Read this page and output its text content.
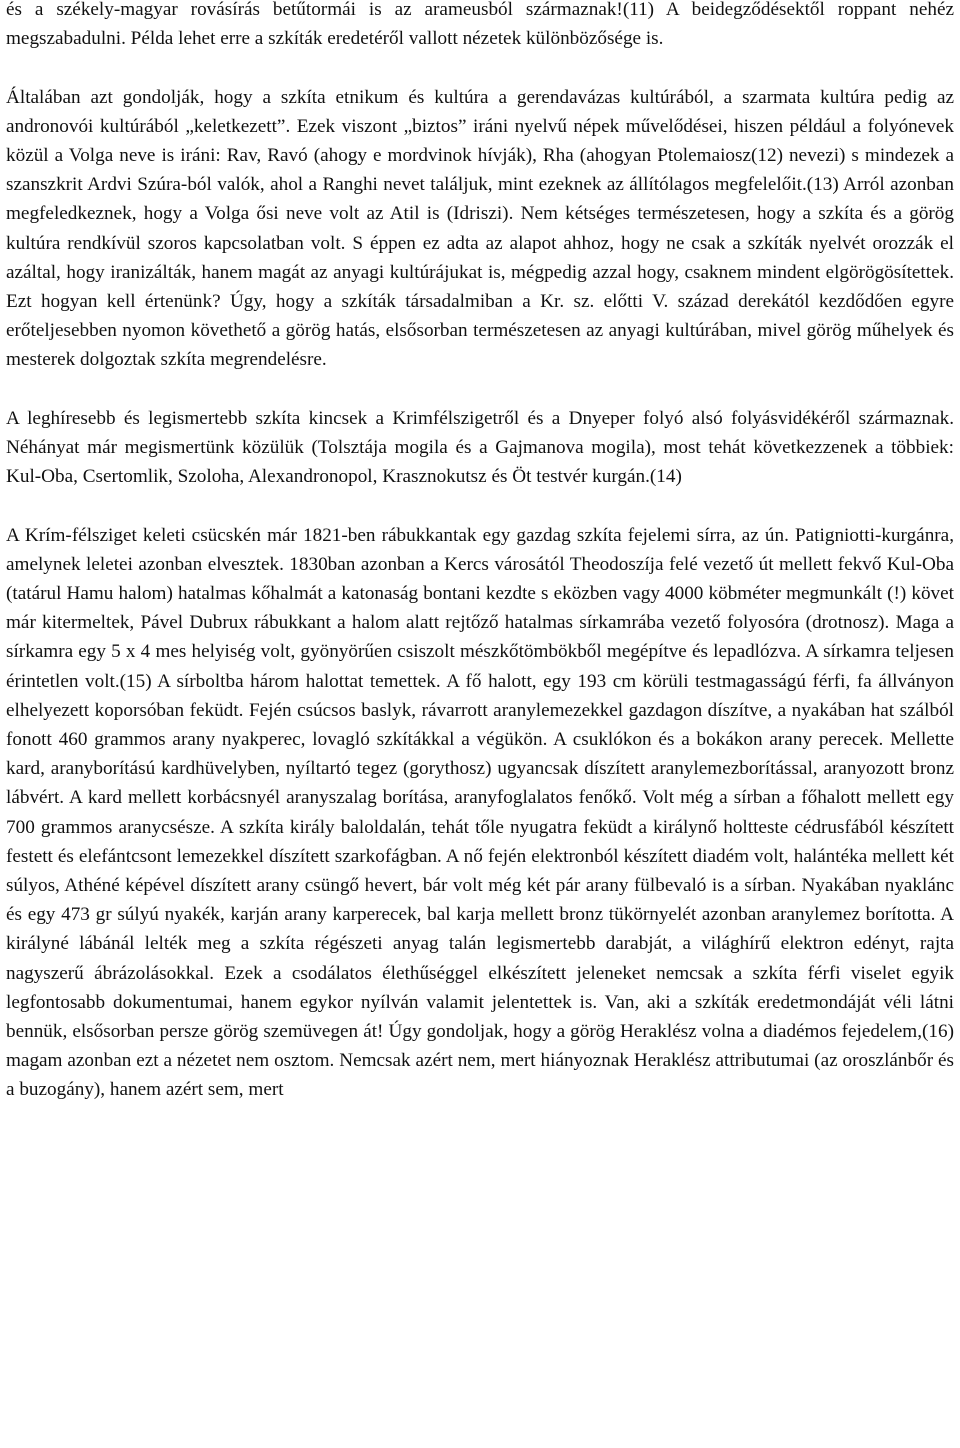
és a székely-magyar rovásírás betűtormái is az arameusból származnak!(11) A beidegződésektől roppant nehéz megszabadulni. Példa lehet erre a szkíták eredetéről vallott nézetek különbözősége is.

Általában azt gondolják, hogy a szkíta etnikum és kultúra a gerendavázas kultúrából, a szarmata kultúra pedig az andronovói kultúrából „keletkezett”. Ezek viszont „biztos” iráni nyelvű népek művelődései, hiszen például a folyónevek közül a Volga neve is iráni: Rav, Ravó (ahogy e mordvinok hívják), Rha (ahogyan Ptolemaiosz(12) nevezi) s mindezek a szanszkrit Ardvi Szúra-ból valók, ahol a Ranghi nevet találjuk, mint ezeknek az állítólagos megfelelőit.(13) Arról azonban megfeledkeznek, hogy a Volga ősi neve volt az Atil is (Idriszi). Nem kétséges természetesen, hogy a szkíta és a görög kultúra rendkívül szoros kapcsolatban volt. S éppen ez adta az alapot ahhoz, hogy ne csak a szkíták nyelvét orozzák el azáltal, hogy iranizálták, hanem magát az anyagi kultúrájukat is, mégpedig azzal hogy, csaknem mindent elgörögösítettek. Ezt hogyan kell értenünk? Úgy, hogy a szkíták társadalmiban a Kr. sz. előtti V. század derekától kezdődően egyre erőteljesebben nyomon követhető a görög hatás, elsősorban természetesen az anyagi kultúrában, mivel görög műhelyek és mesterek dolgoztak szkíta megrendelésre.

A leghíresebb és legismertebb szkíta kincsek a Krimfélszigetről és a Dnyeper folyó alsó folyásvidékéről származnak. Néhányat már megismertünk közülük (Tolsztája mogila és a Gajmanova mogila), most tehát következzenek a többiek: Kul-Oba, Csertomlik, Szoloha, Alexandronopol, Krasznokutsz és Öt testvér kurgán.(14)

A Krím-félsziget keleti csücskén már 1821-ben rábukkantak egy gazdag szkíta fejelemi sírra, az ún. Patigniotti-kurgánra, amelynek leletei azonban elvesztek. 1830ban azonban a Kercs városától Theodoszíja felé vezető út mellett fekvő Kul-Oba (tatárul Hamu halom) hatalmas kőhalmát a katonaság bontani kezdte s eközben vagy 4000 köbméter megmunkált (!) követ már kitermeltek, Pável Dubrux rábukkant a halom alatt rejtőző hatalmas sírkamrába vezető folyosóra (drotnosz). Maga a sírkamra egy 5 x 4 mes helyiség volt, gyönyörűen csiszolt mészkőtömbökből megépítve és lepadlózva. A sírkamra teljesen érintetlen volt.(15) A sírboltba három halottat temettek. A fő halott, egy 193 cm körüli testmagasságú férfi, fa állványon elhelyezett koporsóban feküdt. Fején csúcsos baslyk, rávarrott aranylemezekkel gazdagon díszítve, a nyakában hat szálból fonott 460 grammos arany nyakperec, lovagló szkítákkal a végükön. A csuklókon és a bokákon arany perecek. Mellette kard, aranyborítású kardhüvelyben, nyíltartó tegez (gorythosz) ugyancsak díszített aranylemezborítással, aranyozott bronz lábvért. A kard mellett korbácsnyél aranyszalag borítása, aranyfoglalatos fenőkő. Volt még a sírban a főhalott mellett egy 700 grammos aranycsésze. A szkíta király baloldalán, tehát tőle nyugatra feküdt a királynő holtteste cédrusfából készített festett és elefántcsont lemezekkel díszített szarkofágban. A nő fején elektronból készített diadém volt, halántéka mellett két súlyos, Athéné képével díszített arany csüngő hevert, bár volt még két pár arany fülbevaló is a sírban. Nyakában nyaklánc és egy 473 gr súlyú nyakék, karján arany karperecek, bal karja mellett bronz tükörnyelét azonban aranylemez borította. A királyné lábánál lelték meg a szkíta régészeti anyag talán legismertebb darabját, a világhírű elektron edényt, rajta nagyszerű ábrázolásokkal. Ezek a csodálatos élethűséggel elkészített jeleneket nemcsak a szkíta férfi viselet egyik legfontosabb dokumentumai, hanem egykor nyílván valamit jelentettek is. Van, aki a szkíták eredetmondáját véli látni bennük, elsősorban persze görög szemüvegen át! Úgy gondoljak, hogy a görög Heraklész volna a diadémos fejedelem,(16) magam azonban ezt a nézetet nem osztom. Nemcsak azért nem, mert hiányoznak Heraklész attributumai (az oroszlánbőr és a buzogány), hanem azért sem, mert
